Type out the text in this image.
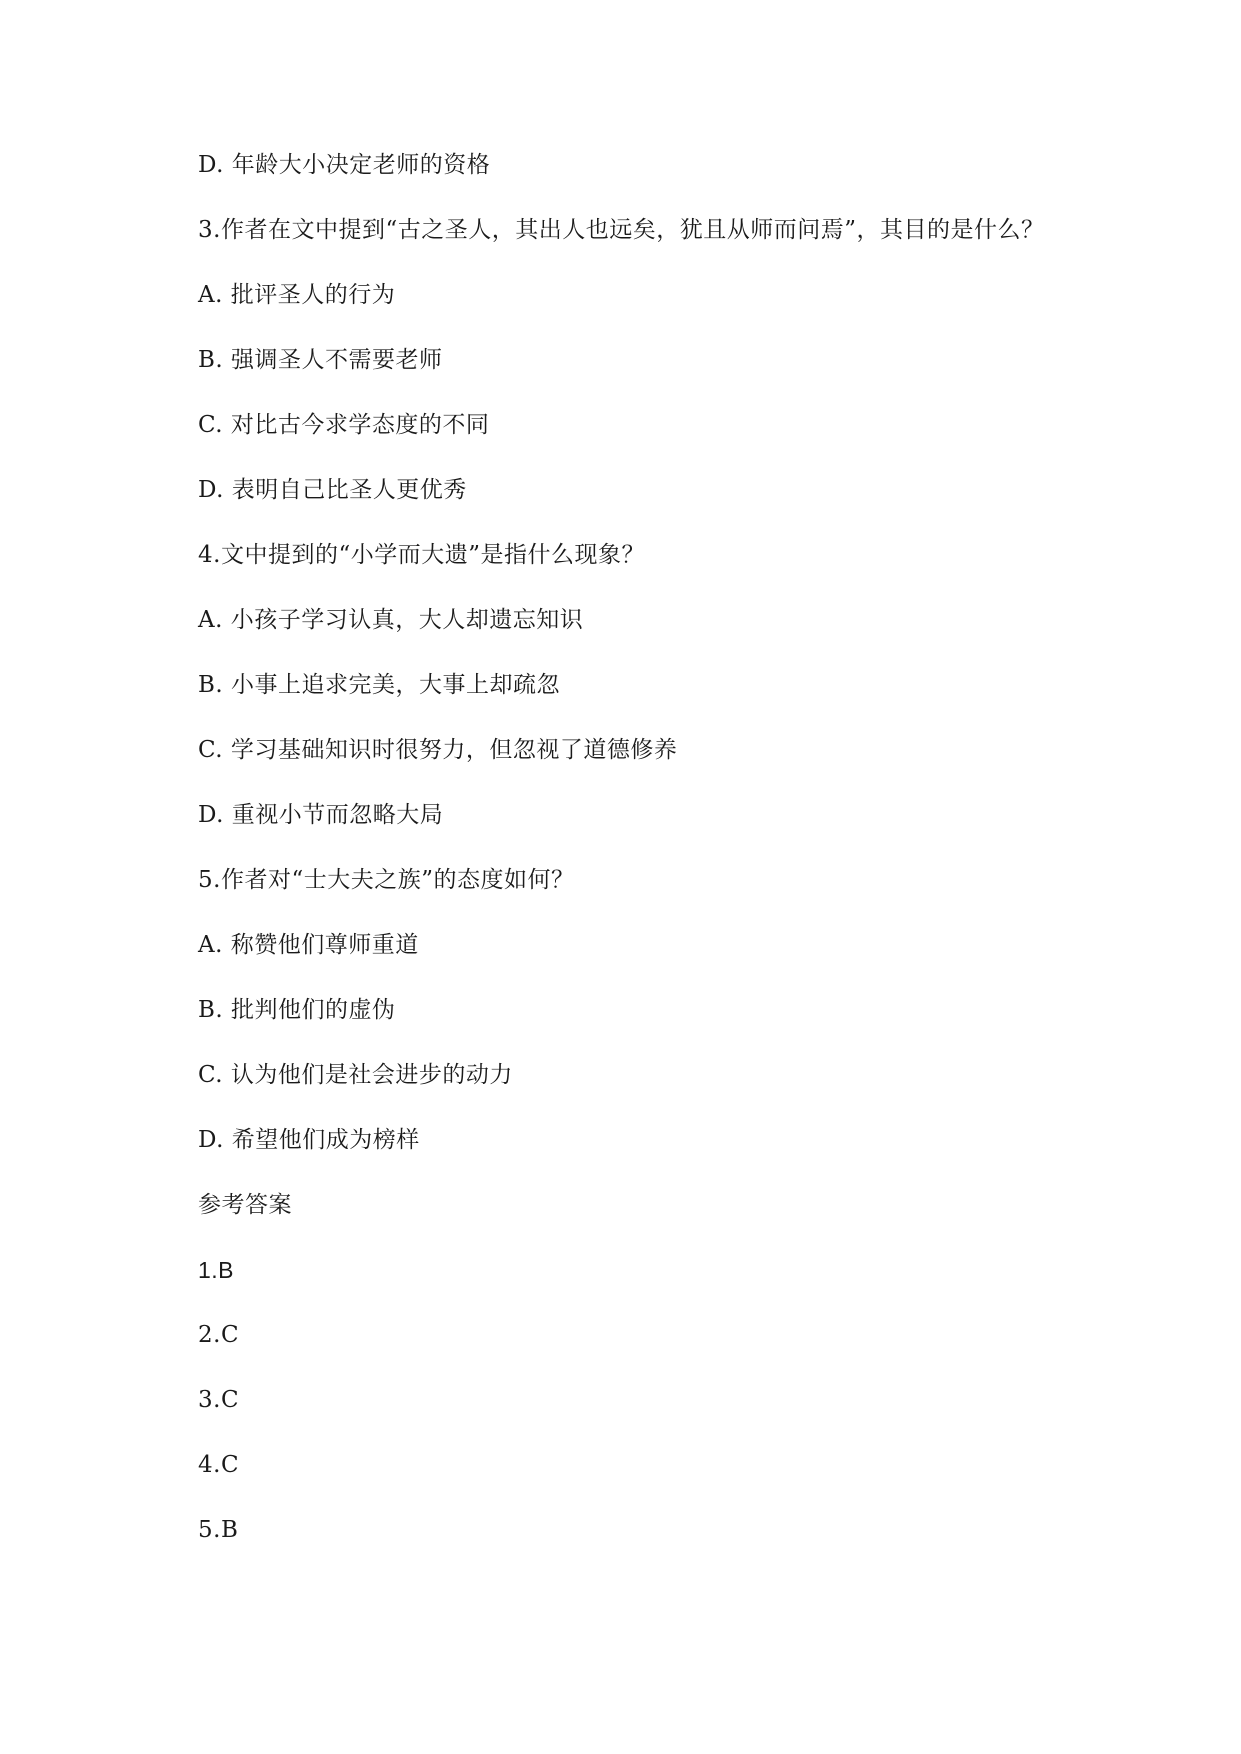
D. 年龄大小决定老师的资格

3.作者在文中提到“古之圣人，其出人也远矣，犹且从师而问焉”，其目的是什么？

A. 批评圣人的行为

B. 强调圣人不需要老师

C. 对比古今求学态度的不同

D. 表明自己比圣人更优秀

4.文中提到的“小学而大遗”是指什么现象？

A. 小孩子学习认真，大人却遗忘知识

B. 小事上追求完美，大事上却疏忽

C. 学习基础知识时很努力，但忽视了道德修养

D. 重视小节而忽略大局

5.作者对“士大夫之族”的态度如何？

A. 称赞他们尊师重道

B. 批判他们的虚伪

C. 认为他们是社会进步的动力

D. 希望他们成为榜样

参考答案

1.B

2.C

3.C

4.C

5.B
